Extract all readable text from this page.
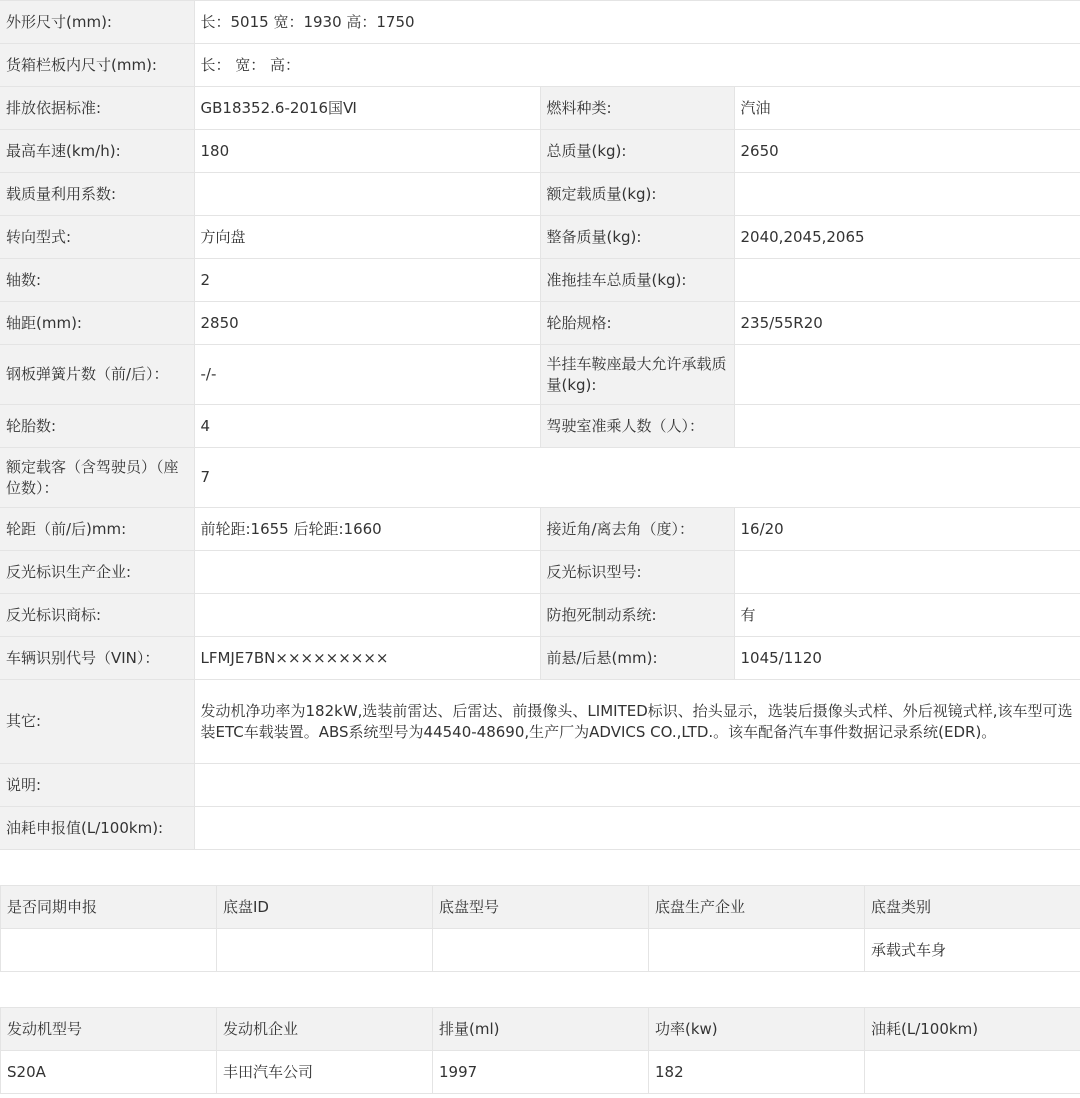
外形尺寸(mm):	长：5015 宽：1930 高：1750		
货箱栏板内尺寸(mm):	长： 宽： 高：		
排放依据标准:	GB18352.6-2016国Ⅵ	燃料种类:	汽油
最高车速(km/h):	180	总质量(kg):	2650
载质量利用系数:		额定载质量(kg):	
转向型式:	方向盘	整备质量(kg):	2040,2045,2065
轴数:	2	准拖挂车总质量(kg):	
轴距(mm):	2850	轮胎规格:	235/55R20
钢板弹簧片数（前/后）：	-/-	半挂车鞍座最大允许承载质量(kg):	
轮胎数:	4	驾驶室准乘人数（人）：	
额定载客（含驾驶员）（座位数）：	7		
轮距（前/后)mm:	前轮距:1655 后轮距:1660	接近角/离去角（度）：	16/20
反光标识生产企业:		反光标识型号:	
反光标识商标:		防抱死制动系统:	有
车辆识别代号（VIN）：	LFMJE7BN×××××××××	前悬/后悬(mm):	1045/1120
其它:	发动机净功率为182kW,选装前雷达、后雷达、前摄像头、LIMITED标识、抬头显示，选装后摄像头式样、外后视镜式样,该车型可选装ETC车载装置。ABS系统型号为44540-48690,生产厂为ADVICS CO.,LTD.。该车配备汽车事件数据记录系统(EDR)。		
说明:			
油耗申报值(L/100km):			
是否同期申报	底盘ID	底盘型号	底盘生产企业	底盘类别
				承载式车身
发动机型号	发动机企业	排量(ml)	功率(kw)	油耗(L/100km)
S20A	丰田汽车公司	1997	182	
